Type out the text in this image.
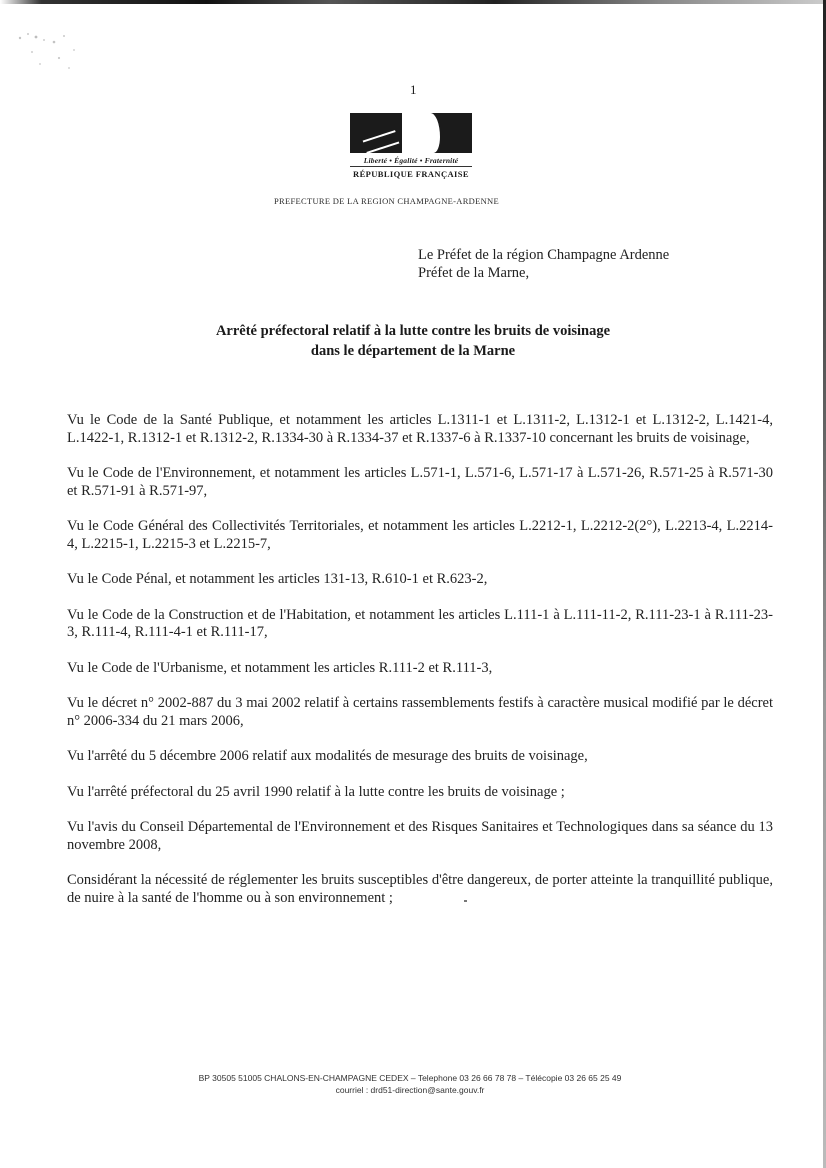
1
Liberté • Égalité • Fraternité
RÉPUBLIQUE FRANÇAISE
PREFECTURE DE LA REGION CHAMPAGNE-ARDENNE
Le Préfet de la région Champagne Ardenne
Préfet de la Marne,
Arrêté préfectoral relatif à la lutte contre les bruits de voisinage
dans le département de la Marne

Vu le Code de la Santé Publique, et notamment les articles L.1311-1 et L.1311-2, L.1312-1 et L.1312-2, L.1421-4, L.1422-1, R.1312-1 et R.1312-2, R.1334-30 à R.1334-37 et R.1337-6 à R.1337-10 concernant les bruits de voisinage,

Vu le Code de l'Environnement, et notamment les articles L.571-1, L.571-6, L.571-17 à L.571-26, R.571-25 à R.571-30 et R.571-91 à R.571-97,

Vu le Code Général des Collectivités Territoriales, et notamment les articles L.2212-1, L.2212-2(2°), L.2213-4, L.2214-4, L.2215-1, L.2215-3 et L.2215-7,

Vu le Code Pénal, et notamment les articles 131-13, R.610-1 et R.623-2,

Vu le Code de la Construction et de l'Habitation, et notamment les articles L.111-1 à L.111-11-2, R.111-23-1 à R.111-23-3, R.111-4, R.111-4-1 et R.111-17,

Vu le Code de l'Urbanisme, et notamment les articles R.111-2 et R.111-3,

Vu le décret n° 2002-887 du 3 mai 2002 relatif à certains rassemblements festifs à caractère musical modifié par le décret n° 2006-334 du 21 mars 2006,

Vu l'arrêté du 5 décembre 2006 relatif aux modalités de mesurage des bruits de voisinage,

Vu l'arrêté préfectoral du 25 avril 1990 relatif à la lutte contre les bruits de voisinage ;

Vu l'avis du Conseil Départemental de l'Environnement et des Risques Sanitaires et Technologiques dans sa séance du 13 novembre 2008,

Considérant la nécessité de réglementer les bruits susceptibles d'être dangereux, de porter atteinte la tranquillité publique, de nuire à la santé de l'homme ou à son environnement ;

BP 30505 51005 CHALONS-EN-CHAMPAGNE CEDEX – Telephone 03 26 66 78 78 – Télécopie 03 26 65 25 49
courriel : drd51-direction@sante.gouv.fr
